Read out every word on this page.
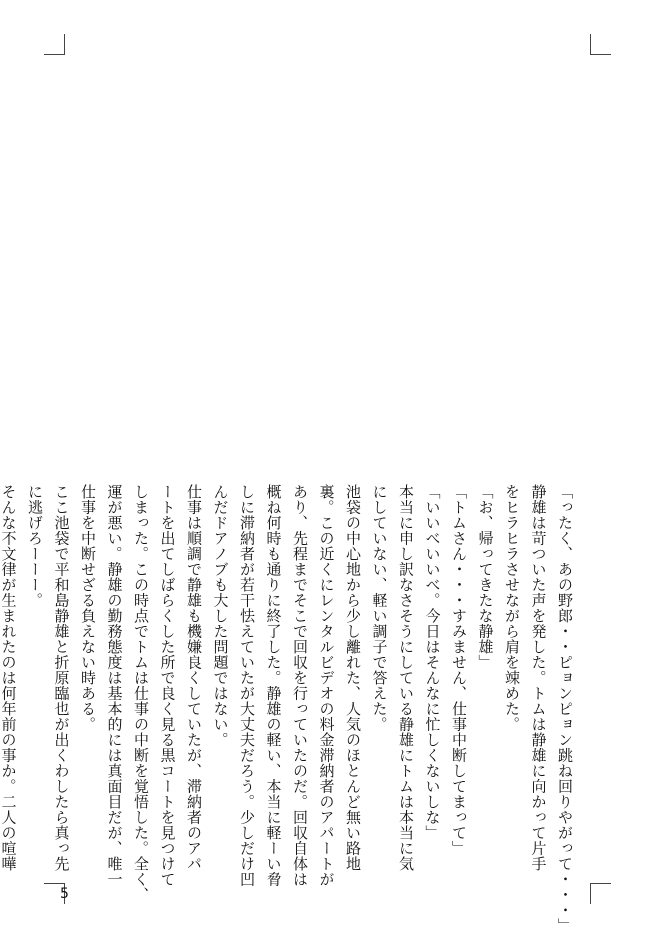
「ったく、あの野郎・・ピョンピョン跳ね回りやがって・・・」
静雄は苛ついた声を発した。トムは静雄に向かって片手
をヒラヒラさせながら肩を竦めた。
「お、帰ってきたな静雄」
「トムさん・・・すみません、仕事中断してまって」
「いいべいいべ。今日はそんなに忙しくないしな」
本当に申し訳なさそうにしている静雄にトムは本当に気
にしていない、軽い調子で答えた。
池袋の中心地から少し離れた、人気のほとんど無い路地
裏。この近くにレンタルビデオの料金滞納者のアパートが
あり、先程までそこで回収を行っていたのだ。回収自体は
概ね何時も通りに終了した。静雄の軽い、本当に軽ーい脅
しに滞納者が若干怯えていたが大丈夫だろう。少しだけ凹
んだドアノブも大した問題ではない。
仕事は順調で静雄も機嫌良くしていたが、滞納者のアパ
ートを出てしばらくした所で良く見る黒コートを見つけて
しまった。この時点でトムは仕事の中断を覚悟した。全く、
運が悪い。静雄の勤務態度は基本的には真面目だが、唯一
仕事を中断せざる負えない時ある。
ここ池袋で平和島静雄と折原臨也が出くわしたら真っ先
に逃げろーーー。
そんな不文律が生まれたのは何年前の事か。二人の喧嘩
5
